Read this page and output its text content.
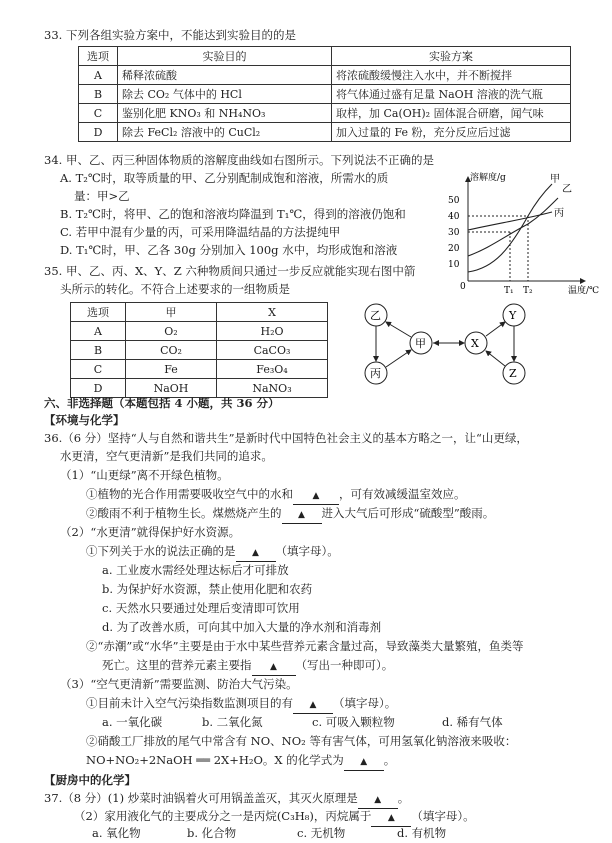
33. 下列各组实验方案中，不能达到实验目的的是
选项	实验目的	实验方案
A	稀释浓硫酸	将浓硫酸缓慢注入水中，并不断搅拌
B	除去 CO₂ 气体中的 HCl	将气体通过盛有足量 NaOH 溶液的洗气瓶
C	鉴别化肥 KNO₃ 和 NH₄NO₃	取样，加 Ca(OH)₂ 固体混合研磨，闻气味
D	除去 FeCl₂ 溶液中的 CuCl₂	加入过量的 Fe 粉，充分反应后过滤
34. 甲、乙、丙三种固体物质的溶解度曲线如右图所示。下列说法不正确的是
A. T₂℃时，取等质量的甲、乙分别配制成饱和溶液，所需水的质
量：甲>乙
B. T₂℃时，将甲、乙的饱和溶液均降温到 T₁℃，得到的溶液仍饱和
C. 若甲中混有少量的丙，可采用降温结晶的方法提纯甲
D. T₁℃时，甲、乙各 30g 分别加入 100g 水中，均形成饱和溶液
溶解度/g
温度/℃
50
40
30
20
10
0	T₁ T₂
甲
乙
丙
35. 甲、乙、丙、X、Y、Z 六种物质间只通过一步反应就能实现右图中箭
头所示的转化。不符合上述要求的一组物质是
选项	甲	X
A	O₂	H₂O
B	CO₂	CaCO₃
C	Fe	Fe₃O₄
D	NaOH	NaNO₃
乙
甲
丙
X
Y
Z
六、非选择题（本题包括 4 小题，共 36 分）
【环境与化学】
36.（6 分）坚持“人与自然和谐共生”是新时代中国特色社会主义的基本方略之一，让“山更绿，
水更清，空气更清新”是我们共同的追求。
（1）“山更绿”离不开绿色植物。
①植物的光合作用需要吸收空气中的水和 ▲ ，可有效减缓温室效应。
②酸雨不利于植物生长。煤燃烧产生的 ▲ 进入大气后可形成“硫酸型”酸雨。
（2）“水更清”就得保护好水资源。
①下列关于水的说法正确的是 ▲ （填字母）。
a. 工业废水需经处理达标后才可排放
b. 为保护好水资源，禁止使用化肥和农药
c. 天然水只要通过处理后变清即可饮用
d. 为了改善水质，可向其中加入大量的净水剂和消毒剂
②“赤潮”或“水华”主要是由于水中某些营养元素含量过高，导致藻类大量繁殖，鱼类等
死亡。这里的营养元素主要指 ▲ （写出一种即可）。
（3）“空气更清新”需要监测、防治大气污染。
①目前未计入空气污染指数监测项目的有 ▲ （填字母）。
a. 一氧化碳	b. 二氧化氮	c. 可吸入颗粒物	d. 稀有气体
②硝酸工厂排放的尾气中常含有 NO、NO₂ 等有害气体，可用氢氧化钠溶液来吸收：
NO+NO₂+2NaOH ══ 2X+H₂O。X 的化学式为 ▲ 。
【厨房中的化学】
37.（8 分）(1) 炒菜时油锅着火可用锅盖盖灭，其灭火原理是 ▲ 。
（2）家用液化气的主要成分之一是丙烷(C₃H₈)，丙烷属于 ▲ （填字母）。
a. 氧化物	b. 化合物	c. 无机物	d. 有机物
